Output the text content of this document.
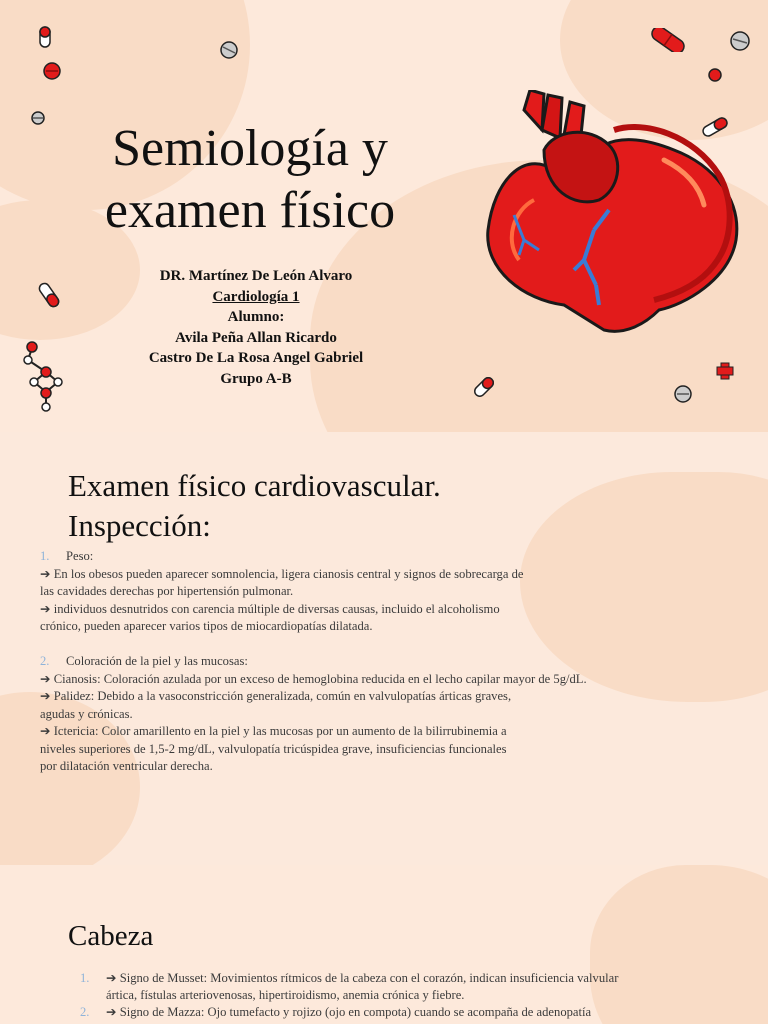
Semiología y
examen físico
DR. Martínez De León Alvaro
Cardiología 1
Alumno:
Avila Peña Allan Ricardo
Castro De La Rosa Angel Gabriel
Grupo A-B
Examen físico cardiovascular.
Inspección:

1. Peso:

➔ En los obesos pueden aparecer somnolencia, ligera cianosis central y signos de sobrecarga de

las cavidades derechas por hipertensión pulmonar.

➔ individuos desnutridos con carencia múltiple de diversas causas, incluido el alcoholismo

crónico, pueden aparecer varios tipos de miocardiopatías dilatada.

2. Coloración de la piel y las mucosas:

➔ Cianosis: Coloración azulada por un exceso de hemoglobina reducida en el lecho capilar mayor de 5g/dL.

➔ Palidez: Debido a la vasoconstricción generalizada, común en valvulopatías árticas graves,

agudas y crónicas.

➔ Ictericia: Color amarillento en la piel y las mucosas por un aumento de la bilirrubinemia a

niveles superiores de 1,5-2 mg/dL, valvulopatía tricúspidea grave, insuficiencias funcionales

por dilatación ventricular derecha.

Cabeza

1. ➔ Signo de Musset: Movimientos rítmicos de la cabeza con el corazón, indican insuficiencia valvular

ártica, fístulas arteriovenosas, hipertiroidismo, anemia crónica y fiebre.

2. ➔ Signo de Mazza: Ojo tumefacto y rojizo (ojo en compota) cuando se acompaña de adenopatía
